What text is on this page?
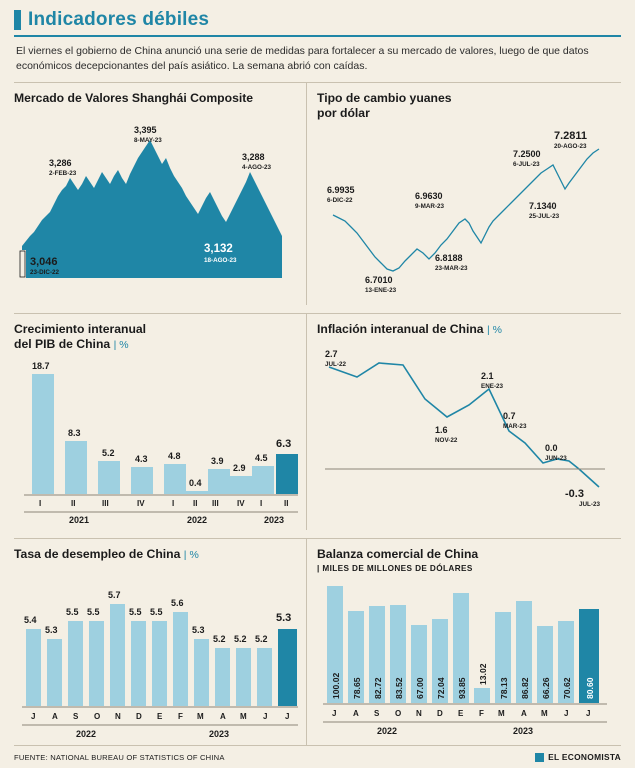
Indicadores débiles
El viernes el gobierno de China anunció una serie de medidas para fortalecer a su mercado de valores, luego de que datos económicos decepcionantes del país asiático. La semana abrió con caídas.
Mercado de Valores Shanghái Composite
3,046
23-DIC-22
3,286
2-FEB-23
3,395
8-MAY-23
3,288
4-AGO-23
3,132
18-AGO-23
Tipo de cambio yuanes
por dólar
6.9935
6-DIC-22
6.7010
13-ENE-23
6.9630
9-MAR-23
6.8188
23-MAR-23
7.2500
6-JUL-23
7.1340
25-JUL-23
7.2811
20-AGO-23
Crecimiento interanual
del PIB de China | %
18.7
8.3
5.2
4.3 4.8
0.4
3.9
2.9
4.5
6.3
I	II	III	IV	I II III IV I	II
2021	2022	2023
Inflación interanual de China | %
2.7
JUL-22
1.6
NOV-22
2.1
ENE-23
0.7
MAR-23
0.0
JUN-23
-0.3
JUL-23
Tasa de desempleo de China | %
5.4
5.3
5.5 5.5
5.7
5.5 5.5
5.6
5.3
5.2 5.2 5.2
5.3
J A S O N D E F M A M J J
2022	2023
Balanza comercial de China
| MILES DE MILLONES DE DÓLARES
100.02 78.65 82.72 83.52 67.00 72.04 93.85
13.02
78.13 86.82 66.26 70.62 80.60
J A S O N D E F M A M J J
2022	2023
FUENTE: NATIONAL BUREAU OF STATISTICS OF CHINA	EL ECONOMISTA
